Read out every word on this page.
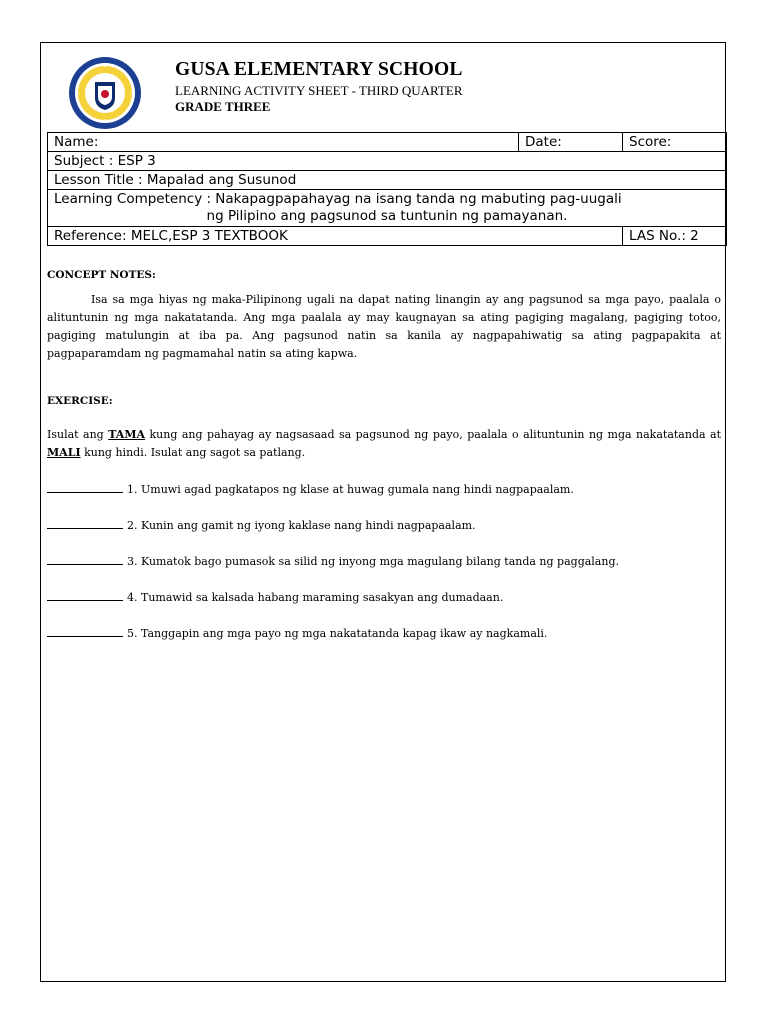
GUSA ELEMENTARY SCHOOL
LEARNING ACTIVITY SHEET - THIRD QUARTER
GRADE THREE
Name:	Date:	Score:
Subject : ESP 3		
Lesson Title : Mapalad ang Susunod		
Learning Competency : Nakapagpapahayag na isang tanda ng mabuting pag-uugali
ng Pilipino ang pagsunod sa tuntunin ng pamayanan.		

Reference: MELC,ESP 3 TEXTBOOK		LAS No.: 2

CONCEPT NOTES:

Isa sa mga hiyas ng maka-Pilipinong ugali na dapat nating linangin ay ang pagsunod sa mga payo, paalala o alituntunin ng mga nakatatanda. Ang mga paalala ay may kaugnayan sa ating pagiging magalang, pagiging totoo, pagiging matulungin at iba pa. Ang pagsunod natin sa kanila ay nagpapahiwatig sa ating pagpapakita at pagpaparamdam ng pagmamahal natin sa ating kapwa.

EXERCISE:

Isulat ang TAMA kung ang pahayag ay nagsasaad sa pagsunod ng payo, paalala o alituntunin ng mga nakatatanda at MALI kung hindi. Isulat ang sagot sa patlang.

1. Umuwi agad pagkatapos ng klase at huwag gumala nang hindi nagpapaalam.

2. Kunin ang gamit ng iyong kaklase nang hindi nagpapaalam.

3. Kumatok bago pumasok sa silid ng inyong mga magulang bilang tanda ng paggalang.

4. Tumawid sa kalsada habang maraming sasakyan ang dumadaan.

5. Tanggapin ang mga payo ng mga nakatatanda kapag ikaw ay nagkamali.
